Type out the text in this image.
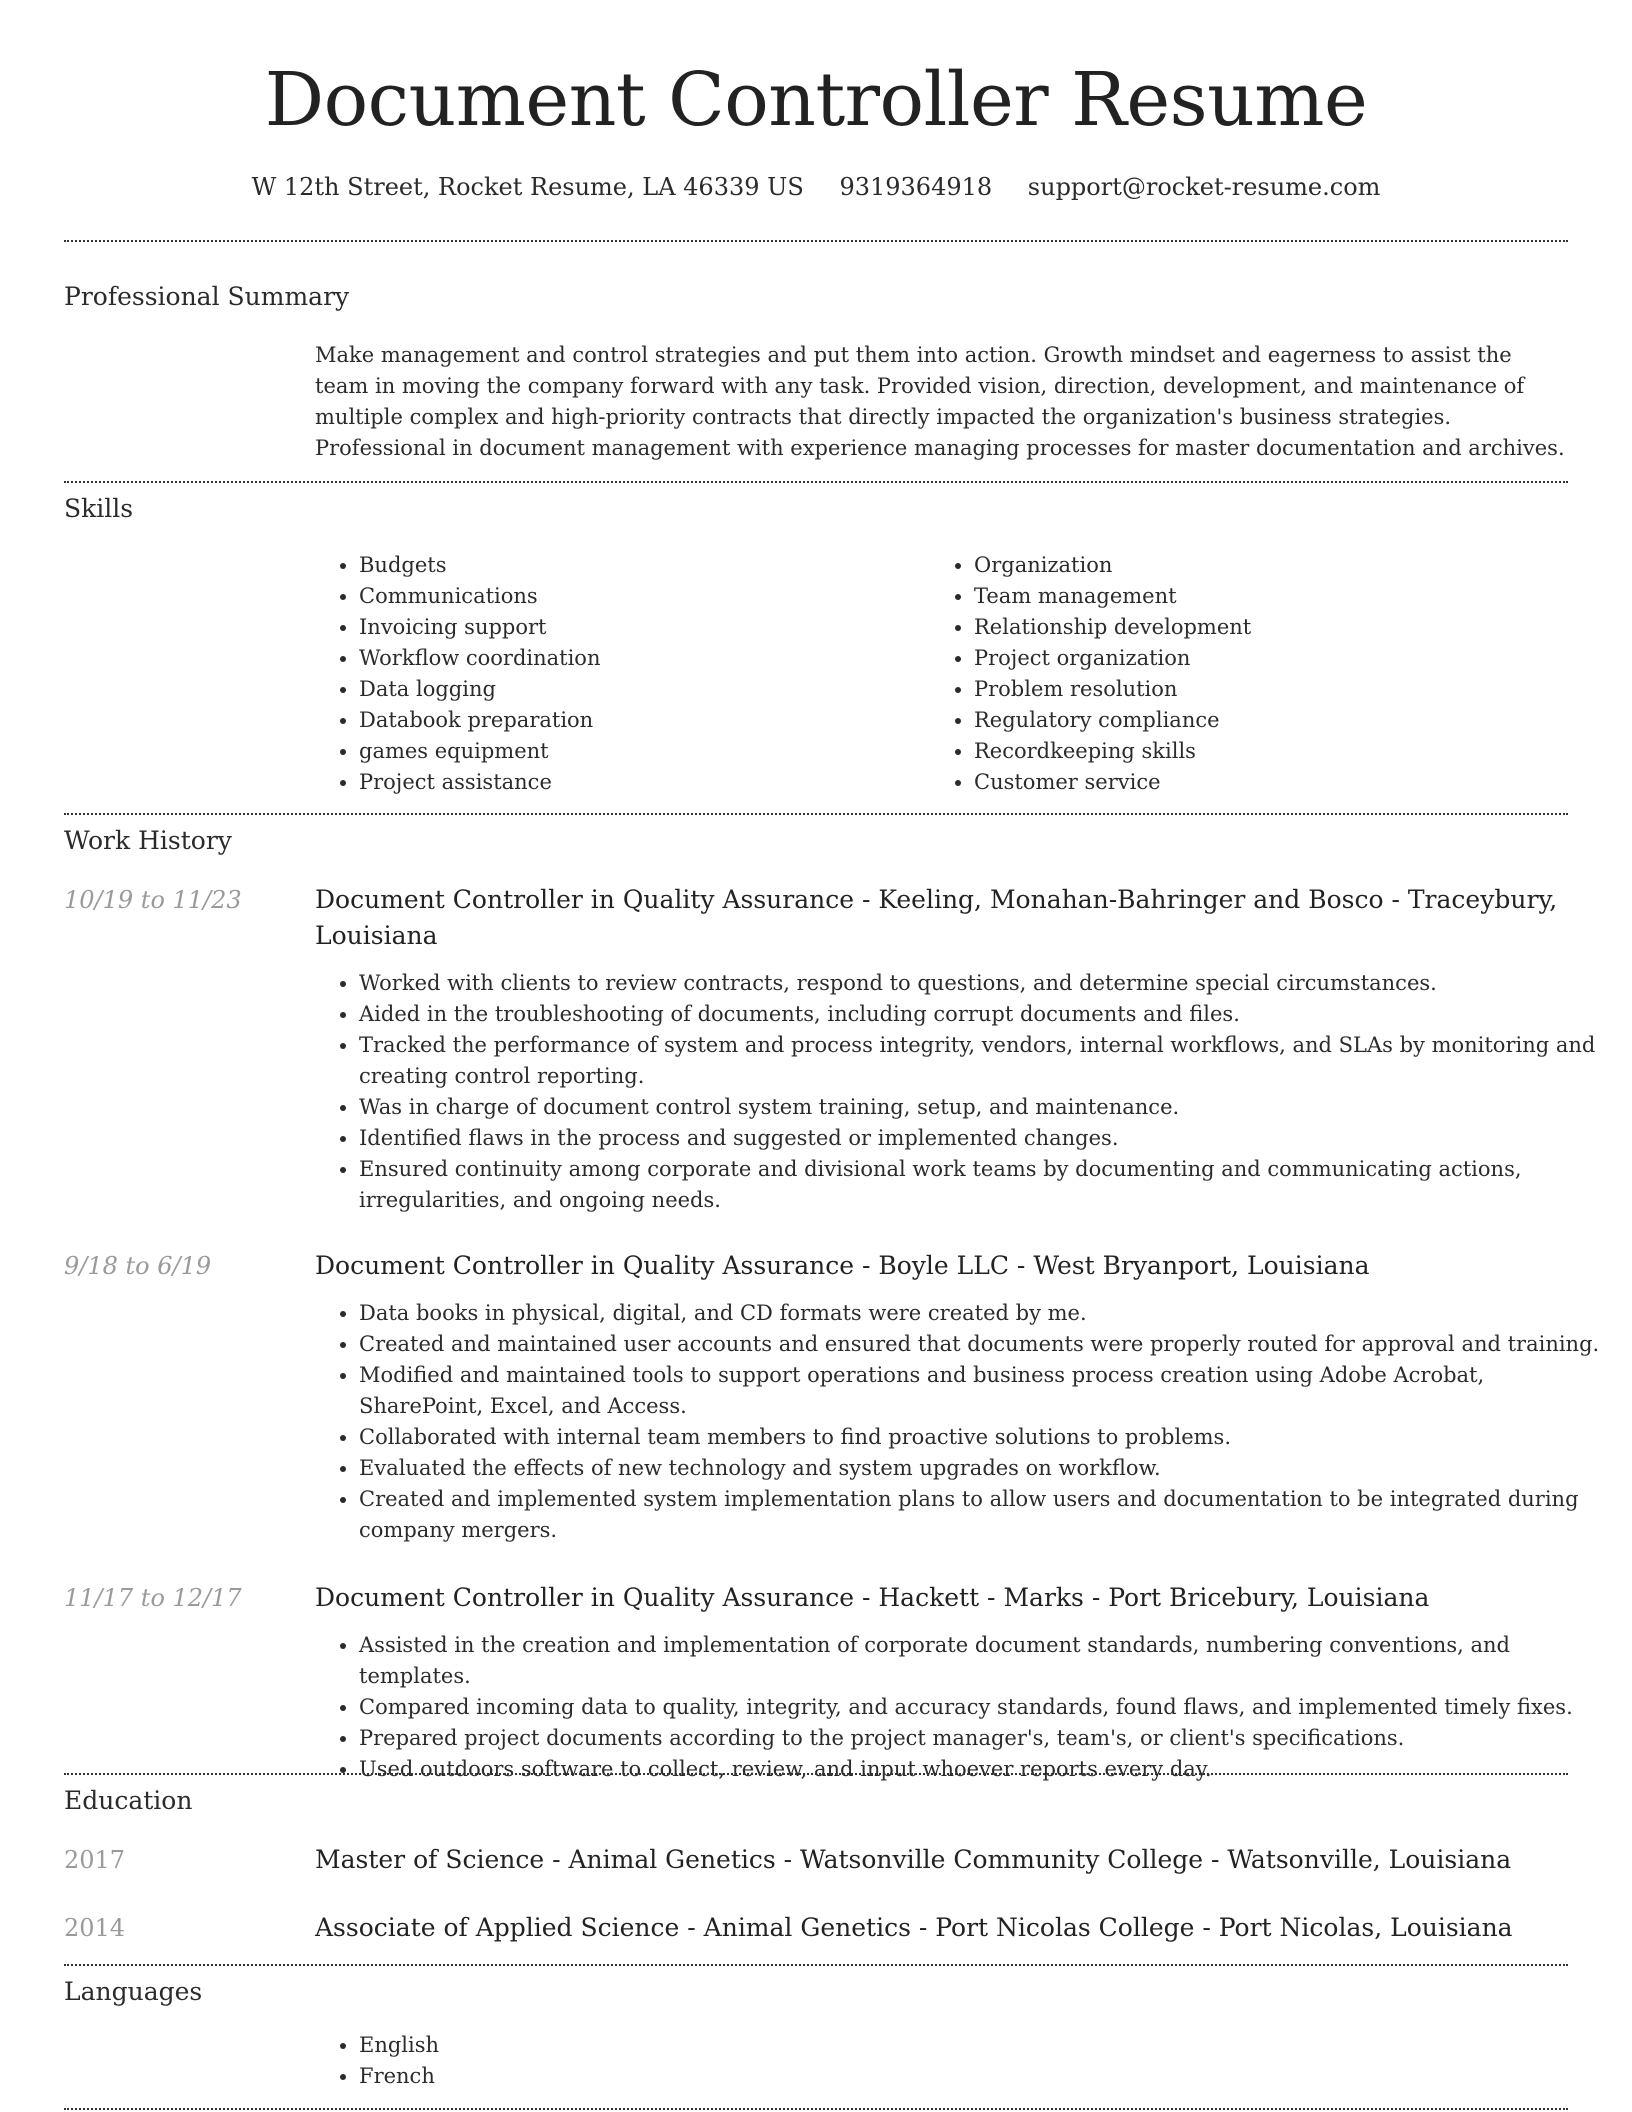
Document Controller Resume
W 12th Street, Rocket Resume, LA 46339 US 9319364918 support@rocket-resume.com
Professional Summary
Make management and control strategies and put them into action. Growth mindset and eagerness to assist the team in moving the company forward with any task. Provided vision, direction, development, and maintenance of multiple complex and high-priority contracts that directly impacted the organization's business strategies. Professional in document management with experience managing processes for master documentation and archives.
Skills
• Budgets
• Communications
• Invoicing support
• Workflow coordination
• Data logging
• Databook preparation
• games equipment
• Project assistance
• Organization
• Team management
• Relationship development
• Project organization
• Problem resolution
• Regulatory compliance
• Recordkeeping skills
• Customer service
Work History
10/19 to 11/23	Document Controller in Quality Assurance - Keeling, Monahan-Bahringer and Bosco - Traceybury, Louisiana
• Worked with clients to review contracts, respond to questions, and determine special circumstances.
• Aided in the troubleshooting of documents, including corrupt documents and files.
• Tracked the performance of system and process integrity, vendors, internal workflows, and SLAs by monitoring and creating control reporting.
• Was in charge of document control system training, setup, and maintenance.
• Identified flaws in the process and suggested or implemented changes.
• Ensured continuity among corporate and divisional work teams by documenting and communicating actions, irregularities, and ongoing needs.
9/18 to 6/19	Document Controller in Quality Assurance - Boyle LLC - West Bryanport, Louisiana
• Data books in physical, digital, and CD formats were created by me.
• Created and maintained user accounts and ensured that documents were properly routed for approval and training.
• Modified and maintained tools to support operations and business process creation using Adobe Acrobat, SharePoint, Excel, and Access.
• Collaborated with internal team members to find proactive solutions to problems.
• Evaluated the effects of new technology and system upgrades on workflow.
• Created and implemented system implementation plans to allow users and documentation to be integrated during company mergers.
11/17 to 12/17	Document Controller in Quality Assurance - Hackett - Marks - Port Bricebury, Louisiana
• Assisted in the creation and implementation of corporate document standards, numbering conventions, and templates.
• Compared incoming data to quality, integrity, and accuracy standards, found flaws, and implemented timely fixes.
• Prepared project documents according to the project manager's, team's, or client's specifications.
• Used outdoors software to collect, review, and input whoever reports every day.
Education
2017	Master of Science - Animal Genetics - Watsonville Community College - Watsonville, Louisiana
2014	Associate of Applied Science - Animal Genetics - Port Nicolas College - Port Nicolas, Louisiana
Languages
• English
• French
